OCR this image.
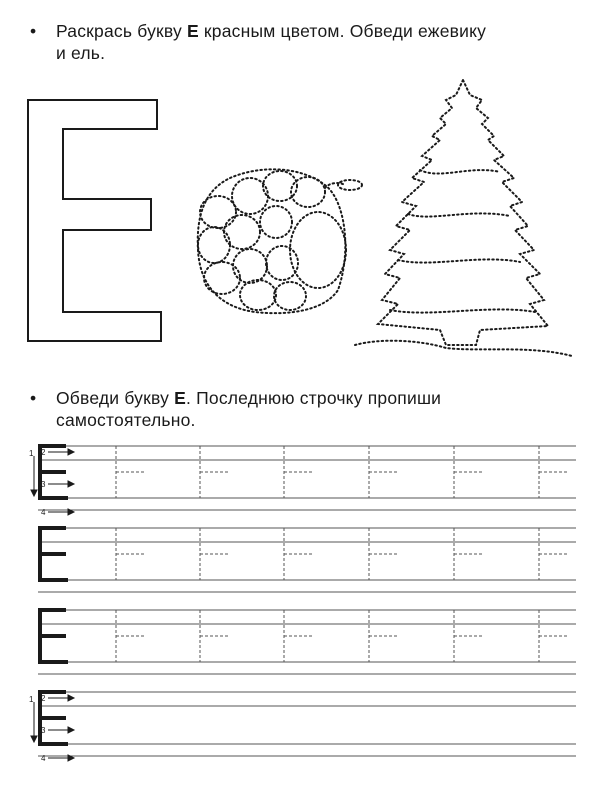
• Раскрась букву Е красным цветом. Обведи ежевику
и ель.
• Обведи букву Е. Последнюю строчку пропиши
самостоятельно.
1 2
3
4
1 2
3
4
